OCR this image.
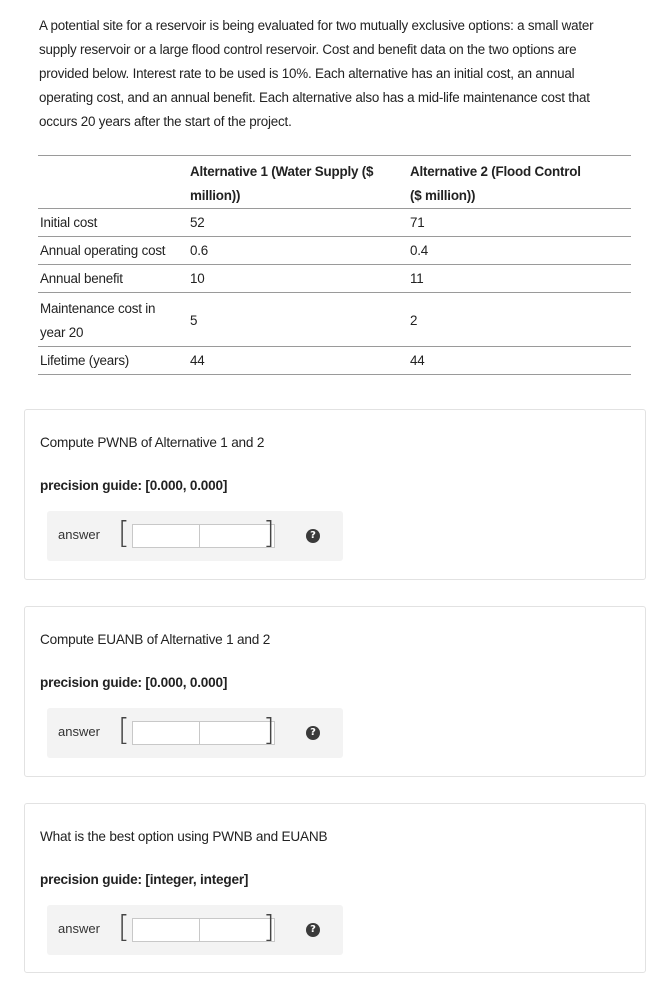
A potential site for a reservoir is being evaluated for two mutually exclusive options: a small water supply reservoir or a large flood control reservoir. Cost and benefit data on the two options are provided below. Interest rate to be used is 10%. Each alternative has an initial cost, an annual operating cost, and an annual benefit. Each alternative also has a mid-life maintenance cost that occurs 20 years after the start of the project.
	Alternative 1 (Water Supply ($ million))	Alternative 2 (Flood Control ($ million))
Initial cost	52	71
Annual operating cost	0.6	0.4
Annual benefit	10	11
Maintenance cost in year 20	5	2
Lifetime (years)	44	44
Compute PWNB of Alternative 1 and 2
precision guide: [0.000, 0.000]
answer [	]	?
Compute EUANB of Alternative 1 and 2
precision guide: [0.000, 0.000]
answer [	]	?
What is the best option using PWNB and EUANB
precision guide: [integer, integer]
answer [	]	?
